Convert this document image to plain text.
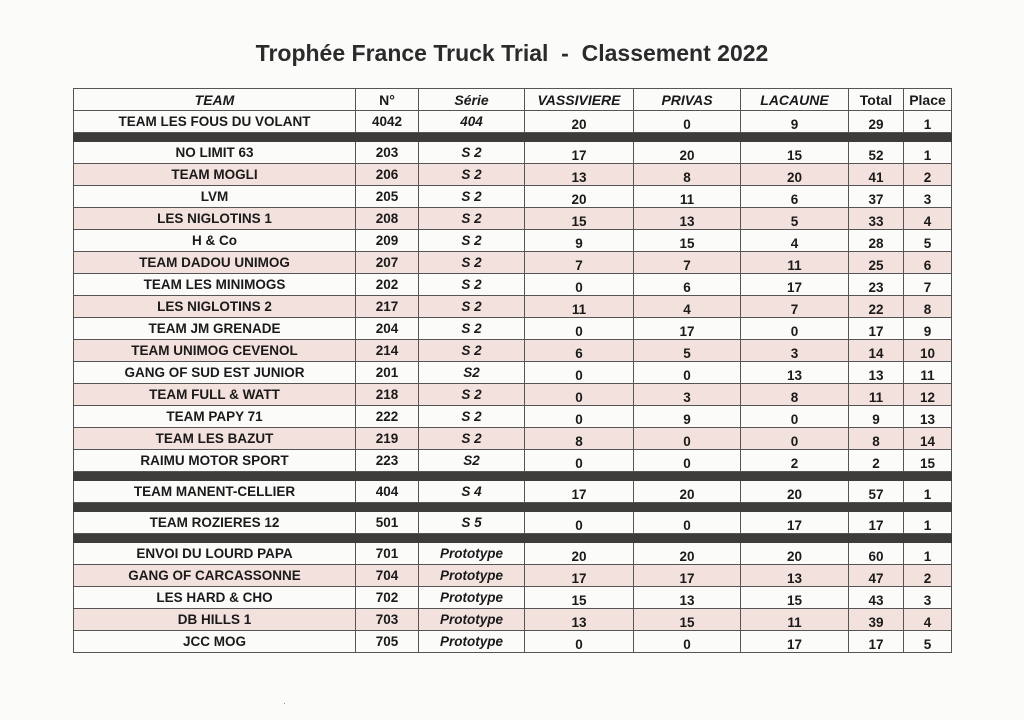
Trophée France Truck Trial  -  Classement 2022
TEAM	N°	Série	VASSIVIERE	PRIVAS	LACAUNE	Total	Place
TEAM LES FOUS DU VOLANT	4042	404	20	0	9	29	1

NO LIMIT 63	203	S 2	17	20	15	52	1
TEAM MOGLI	206	S 2	13	8	20	41	2
LVM	205	S 2	20	11	6	37	3
LES NIGLOTINS 1	208	S 2	15	13	5	33	4
H & Co	209	S 2	9	15	4	28	5
TEAM DADOU UNIMOG	207	S 2	7	7	11	25	6
TEAM LES MINIMOGS	202	S 2	0	6	17	23	7
LES NIGLOTINS 2	217	S 2	11	4	7	22	8
TEAM JM GRENADE	204	S 2	0	17	0	17	9
TEAM UNIMOG CEVENOL	214	S 2	6	5	3	14	10
GANG OF SUD EST JUNIOR	201	S2	0	0	13	13	11
TEAM FULL & WATT	218	S 2	0	3	8	11	12
TEAM PAPY 71	222	S 2	0	9	0	9	13
TEAM LES BAZUT	219	S 2	8	0	0	8	14
RAIMU MOTOR SPORT	223	S2	0	0	2	2	15

TEAM MANENT-CELLIER	404	S 4	17	20	20	57	1

TEAM ROZIERES 12	501	S 5	0	0	17	17	1

ENVOI DU LOURD PAPA	701	Prototype	20	20	20	60	1
GANG OF CARCASSONNE	704	Prototype	17	17	13	47	2
LES HARD & CHO	702	Prototype	15	13	15	43	3
DB HILLS 1	703	Prototype	13	15	11	39	4
JCC MOG	705	Prototype	0	0	17	17	5
·
